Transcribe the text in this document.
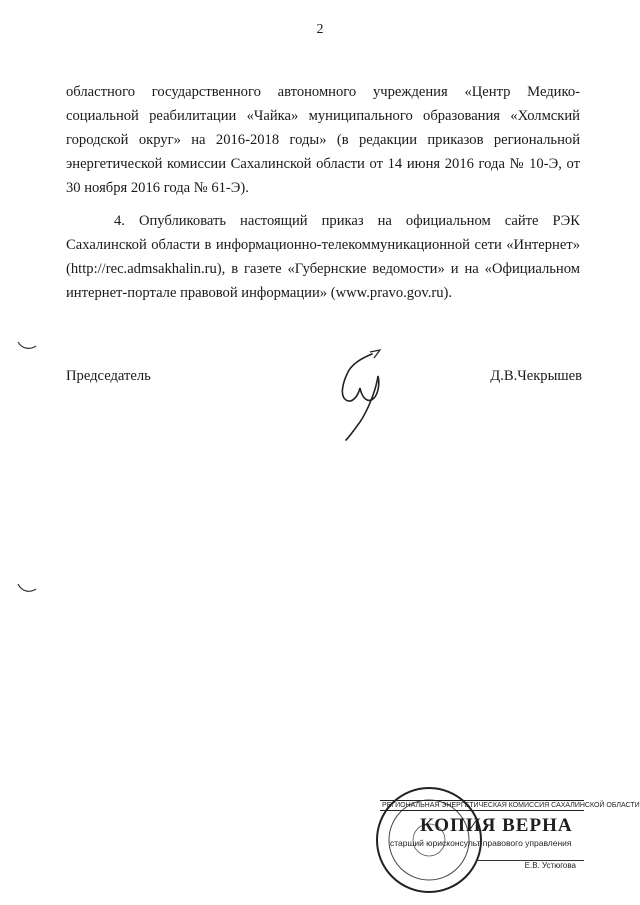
2
областного государственного автономного учреждения «Центр Медико-социальной реабилитации «Чайка» муниципального образования «Холмский городской округ» на 2016-2018 годы» (в редакции приказов региональной энергетической комиссии Сахалинской области от 14 июня 2016 года № 10-Э, от 30 ноября 2016 года № 61-Э).
4. Опубликовать настоящий приказ на официальном сайте РЭК Сахалинской области в информационно-телекоммуникационной сети «Интернет» (http://rec.admsakhalin.ru), в газете «Губернские ведомости» и на «Официальном интернет-портале правовой информации» (www.pravo.gov.ru).
Председатель	Д.В.Чекрышев
РЕГИОНАЛЬНАЯ ЭНЕРГЕТИЧЕСКАЯ КОМИССИЯ САХАЛИНСКОЙ ОБЛАСТИ
КОПИЯ ВЕРНА
старший юрисконсульт правового управления
Е.В. Устюгова
